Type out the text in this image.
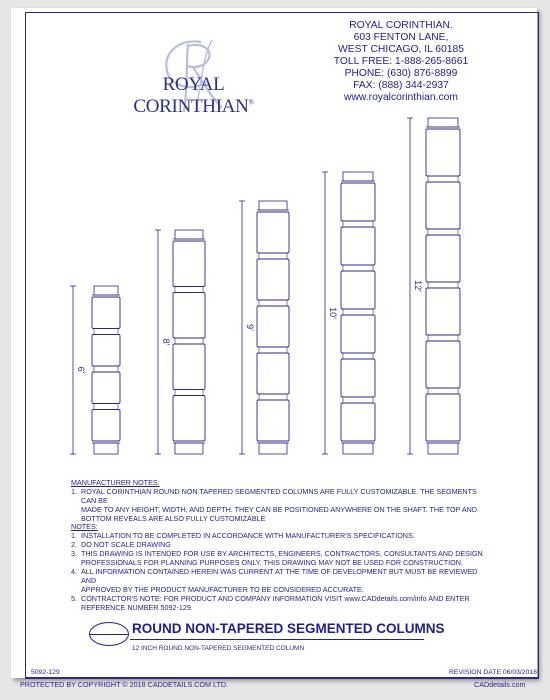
ROYAL CORINTHIAN®
ROYAL CORINTHIAN.
603 FENTON LANE,
WEST CHICAGO, IL 60185
TOLL FREE: 1-888-265-8661
PHONE: (630) 876-8899
FAX: (888) 344-2937
www.royalcorinthian.com
6'
8'
9'
10'
12'
MANUFACTURER NOTES:
1. ROYAL CORINTHIAN ROUND NON TAPERED SEGMENTED COLUMNS ARE FULLY CUSTOMIZABLE. THE SEGMENTS CAN BE
MADE TO ANY HEIGHT, WIDTH, AND DEPTH. THEY CAN BE POSITIONED ANYWHERE ON THE SHAFT. THE TOP AND
BOTTOM REVEALS ARE ALSO FULLY CUSTOMIZABLE
NOTES:
1. INSTALLATION TO BE COMPLETED IN ACCORDANCE WITH MANUFACTURER'S SPECIFICATIONS.
2. DO NOT SCALE DRAWING
3. THIS DRAWING IS INTENDED FOR USE BY ARCHITECTS, ENGINEERS, CONTRACTORS, CONSULTANTS AND DESIGN
PROFESSIONALS FOR PLANNING PURPOSES ONLY. THIS DRAWING MAY NOT BE USED FOR CONSTRUCTION.
4. ALL INFORMATION CONTAINED HEREIN WAS CURRENT AT THE TIME OF DEVELOPMENT BUT MUST BE REVIEWED AND
APPROVED BY THE PRODUCT MANUFACTURER TO BE CONSIDERED ACCURATE.
5. CONTRACTOR'S NOTE: FOR PRODUCT AND COMPANY INFORMATION VISIT www.CADdetails.com/info AND ENTER
REFERENCE NUMBER 5092-129.
ROUND NON-TAPERED SEGMENTED COLUMNS
12 INCH ROUND NON-TAPERED SEGMENTED COLUMN
5092-129	REVISION DATE 06/03/2018
PROTECTED BY COPYRIGHT © 2018 CADDETAILS.COM LTD.	CADdetails.com
